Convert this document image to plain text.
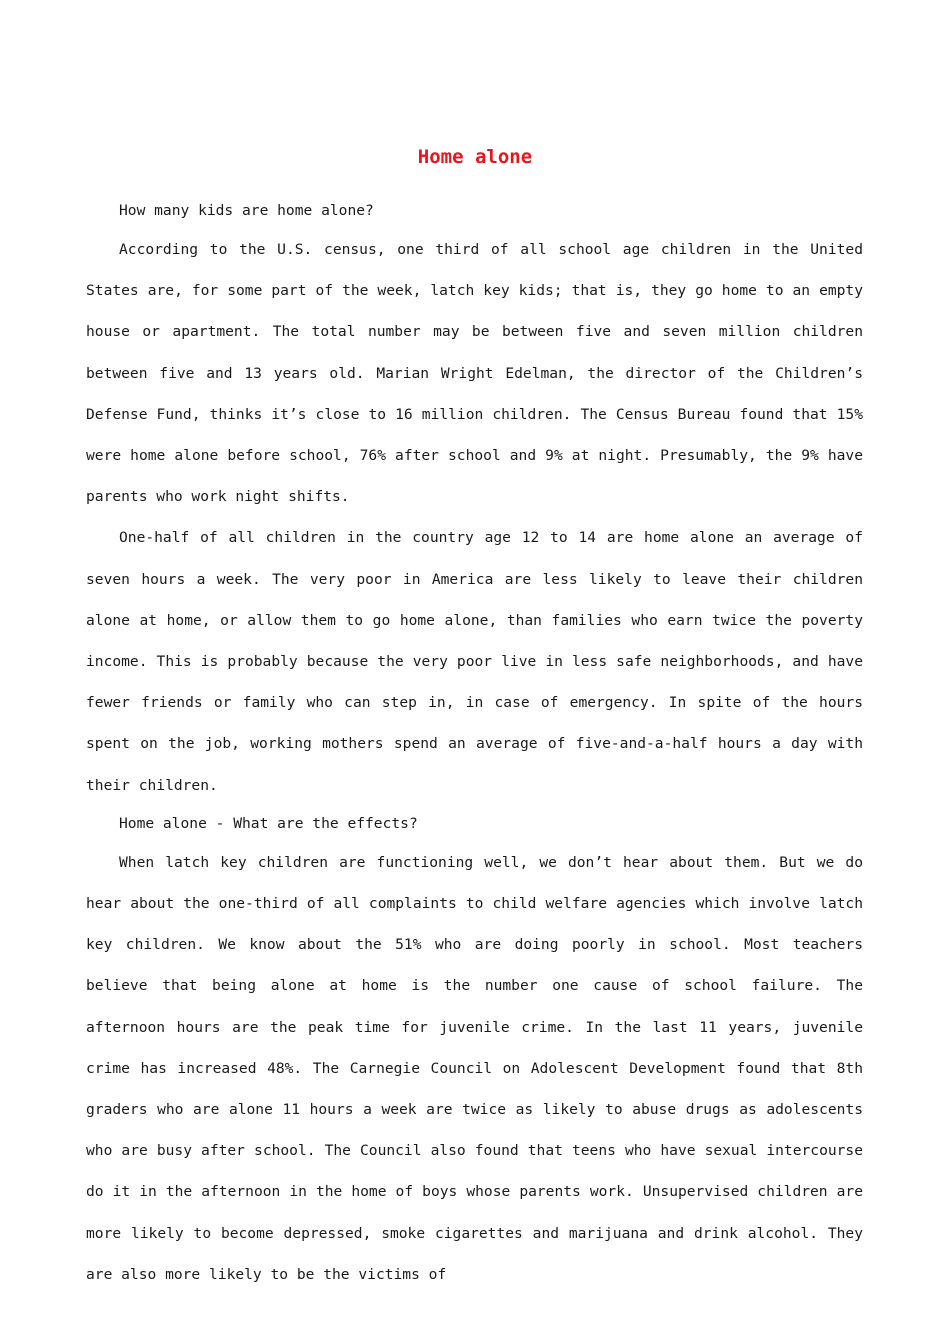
Home alone

How many kids are home alone?

According to the U.S. census, one third of all school age children in the United States are, for some part of the week, latch key kids; that is, they go home to an empty house or apartment. The total number may be between five and seven million children between five and 13 years old. Marian Wright Edelman, the director of the Children’s Defense Fund, thinks it’s close to 16 million children. The Census Bureau found that 15% were home alone before school, 76% after school and 9% at night. Presumably, the 9% have parents who work night shifts.

One-half of all children in the country age 12 to 14 are home alone an average of seven hours a week. The very poor in America are less likely to leave their children alone at home, or allow them to go home alone, than families who earn twice the poverty income. This is probably because the very poor live in less safe neighborhoods, and have fewer friends or family who can step in, in case of emergency. In spite of the hours spent on the job, working mothers spend an average of five-and-a-half hours a day with their children.

Home alone - What are the effects?

When latch key children are functioning well, we don’t hear about them. But we do hear about the one-third of all complaints to child welfare agencies which involve latch key children. We know about the 51% who are doing poorly in school. Most teachers believe that being alone at home is the number one cause of school failure. The afternoon hours are the peak time for juvenile crime. In the last 11 years, juvenile crime has increased 48%. The Carnegie Council on Adolescent Development found that 8th graders who are alone 11 hours a week are twice as likely to abuse drugs as adolescents who are busy after school. The Council also found that teens who have sexual intercourse do it in the afternoon in the home of boys whose parents work. Unsupervised children are more likely to become depressed, smoke cigarettes and marijuana and drink alcohol. They are also more likely to be the victims of
